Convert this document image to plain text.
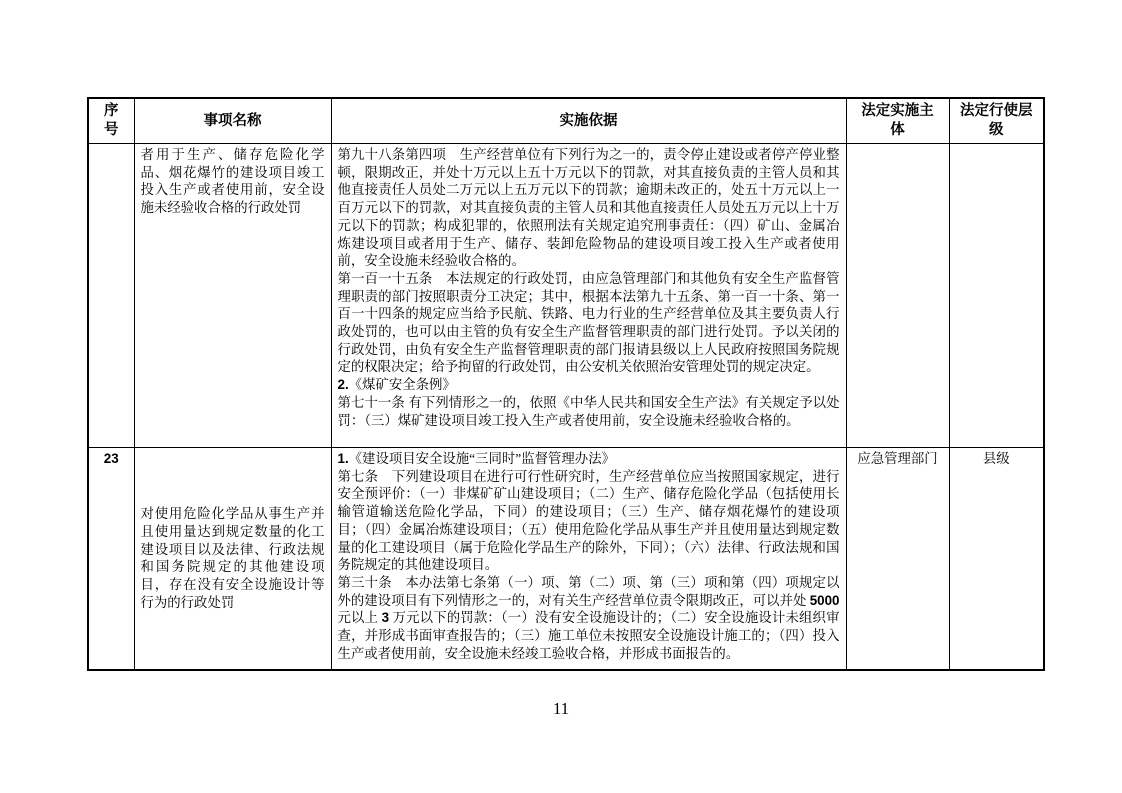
序号	事项名称	实施依据	法定实施主体	法定行使层级
	者用于生产、储存危险化学品、烟花爆竹的建设项目竣工投入生产或者使用前，安全设施未经验收合格的行政处罚	第九十八条第四项　生产经营单位有下列行为之一的，责令停止建设或者停产停业整顿，限期改正，并处十万元以上五十万元以下的罚款，对其直接负责的主管人员和其他直接责任人员处二万元以上五万元以下的罚款；逾期未改正的，处五十万元以上一百万元以下的罚款，对其直接负责的主管人员和其他直接责任人员处五万元以上十万元以下的罚款；构成犯罪的，依照刑法有关规定追究刑事责任：（四）矿山、金属冶炼建设项目或者用于生产、储存、装卸危险物品的建设项目竣工投入生产或者使用前，安全设施未经验收合格的。
第一百一十五条　本法规定的行政处罚，由应急管理部门和其他负有安全生产监督管理职责的部门按照职责分工决定；其中，根据本法第九十五条、第一百一十条、第一百一十四条的规定应当给予民航、铁路、电力行业的生产经营单位及其主要负责人行政处罚的，也可以由主管的负有安全生产监督管理职责的部门进行处罚。予以关闭的行政处罚，由负有安全生产监督管理职责的部门报请县级以上人民政府按照国务院规定的权限决定；给予拘留的行政处罚，由公安机关依照治安管理处罚的规定决定。
2.《煤矿安全条例》
第七十一条 有下列情形之一的，依照《中华人民共和国安全生产法》有关规定予以处罚：（三）煤矿建设项目竣工投入生产或者使用前，安全设施未经验收合格的。		

23	对使用危险化学品从事生产并且使用量达到规定数量的化工建设项目以及法律、行政法规和国务院规定的其他建设项目，存在没有安全设施设计等行为的行政处罚	1.《建设项目安全设施“三同时”监督管理办法》
第七条　下列建设项目在进行可行性研究时，生产经营单位应当按照国家规定，进行安全预评价：（一）非煤矿矿山建设项目；（二）生产、储存危险化学品（包括使用长输管道输送危险化学品，下同）的建设项目；（三）生产、储存烟花爆竹的建设项目；（四）金属冶炼建设项目；（五）使用危险化学品从事生产并且使用量达到规定数量的化工建设项目（属于危险化学品生产的除外，下同）；（六）法律、行政法规和国务院规定的其他建设项目。
第三十条　本办法第七条第（一）项、第（二）项、第（三）项和第（四）项规定以外的建设项目有下列情形之一的，对有关生产经营单位责令限期改正，可以并处 5000 元以上 3 万元以下的罚款：（一）没有安全设施设计的；（二）安全设施设计未组织审查，并形成书面审查报告的；（三）施工单位未按照安全设施设计施工的；（四）投入生产或者使用前，安全设施未经竣工验收合格，并形成书面报告的。	应急管理部门	县级
11
